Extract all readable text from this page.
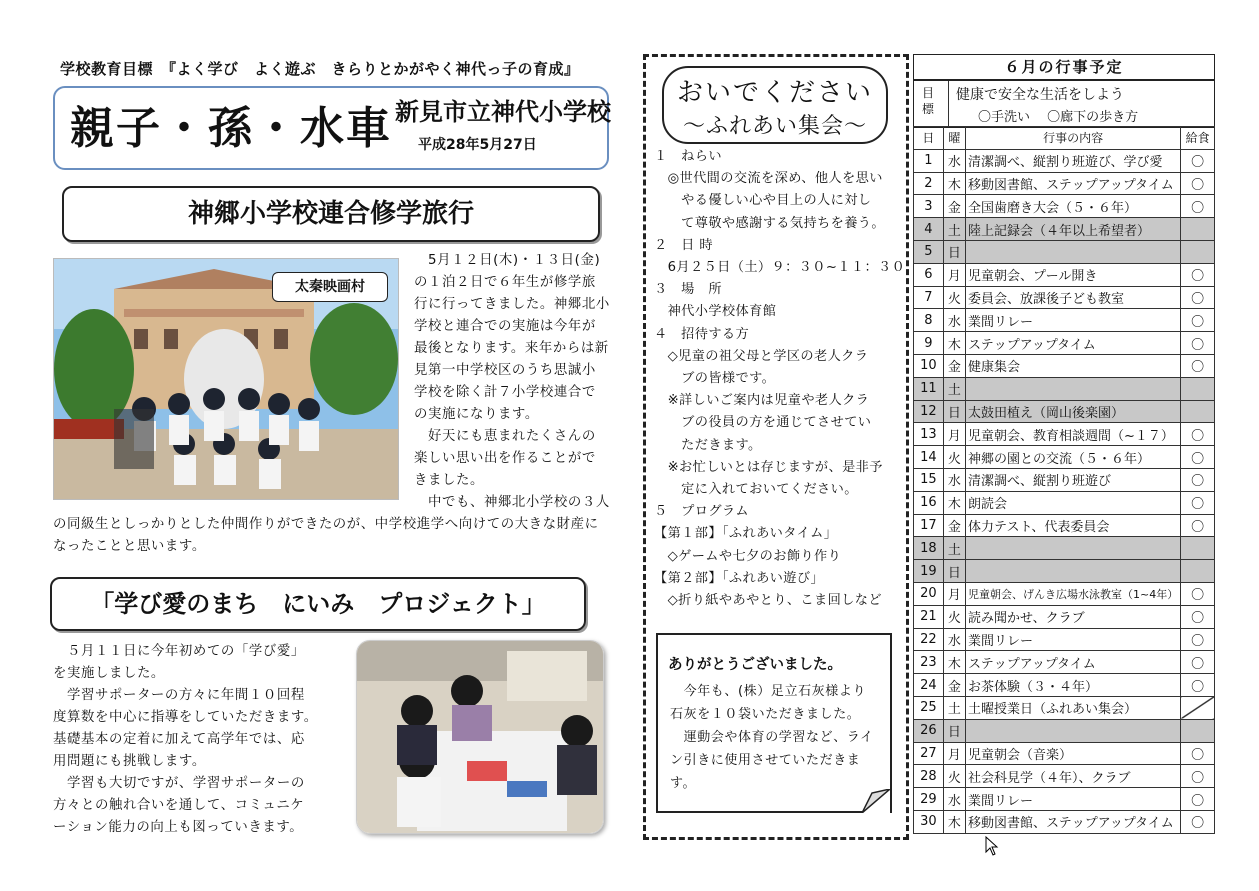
学校教育目標　『よく学び　よく遊ぶ　きらりとかがやく神代っ子の育成』
親子・孫・水車 新見市立神代小学校
平成28年5月27日
神郷小学校連合修学旅行
太秦映画村
　5月１２日(木)・１３日(金)
の１泊２日で６年生が修学旅
行に行ってきました。神郷北小
学校と連合での実施は今年が
最後となります。来年からは新
見第一中学校区のうち思誠小
学校を除く計７小学校連合で
の実施になります。
　好天にも恵まれたくさんの
楽しい思い出を作ることがで
きました。
　中でも、神郷北小学校の３人
の同級生としっかりとした仲間作りができたのが、中学校進学へ向けての大きな財産に
なったことと思います。
「学び愛のまち　にいみ　プロジェクト」
　５月１１日に今年初めての「学び愛」
を実施しました。
　学習サポーターの方々に年間１０回程
度算数を中心に指導をしていただきます。
基礎基本の定着に加えて高学年では、応
用問題にも挑戦します。
　学習も大切ですが、学習サポーターの
方々との触れ合いを通して、コミュニケ
ーション能力の向上も図っていきます。
おいでください
～ふれあい集会～
１　ねらい
　◎世代間の交流を深め、他人を思い
　　やる優しい心や目上の人に対し
　　て尊敬や感謝する気持ちを養う。
２　日 時
　6月２５日（土）９：３０~１１：３０
３　場　所
　神代小学校体育館
４　招待する方
　◇児童の祖父母と学区の老人クラ
　　ブの皆様です。
　※詳しいご案内は児童や老人クラ
　　ブの役員の方を通じてさせてい
　　ただきます。
　※お忙しいとは存じますが、是非予
　　定に入れておいてください。
５　プログラム
【第１部】「ふれあいタイム」
　◇ゲームや七夕のお飾り作り
【第２部】「ふれあい遊び」
　◇折り紙やあやとり、こま回しなど
ありがとうございました。
　今年も、(株）足立石灰様より
石灰を１０袋いただきました。
　運動会や体育の学習など、ライ
ン引きに使用させていただきま
す。
６月の行事予定
目標
健康で安全な生活をしよう
〇手洗い　 〇廊下の歩き方
日	曜	行事の内容	給食
1	水	清潔調べ、縦割り班遊び、学び愛	〇
2	木	移動図書館、ステップアップタイム	〇
3	金	全国歯磨き大会（５・６年）	〇
4	土	陸上記録会（４年以上希望者）	
5	日		
6	月	児童朝会、プール開き	〇
7	火	委員会、放課後子ども教室	〇
8	水	業間リレー	〇
9	木	ステップアップタイム	〇
10	金	健康集会	〇
11	土		
12	日	太鼓田植え（岡山後楽園）	
13	月	児童朝会、教育相談週間（~１７）	〇
14	火	神郷の園との交流（５・６年）	〇
15	水	清潔調べ、縦割り班遊び	〇
16	木	朗読会	〇
17	金	体力テスト、代表委員会	〇
18	土		
19	日		
20	月	児童朝会、げんき広場水泳教室（1~4年）	〇
21	火	読み聞かせ、クラブ	〇
22	水	業間リレー	〇
23	木	ステップアップタイム	〇
24	金	お茶体験（３・４年）	〇
25	土	土曜授業日（ふれあい集会）	
26	日		
27	月	児童朝会（音楽）	〇
28	火	社会科見学（４年）、クラブ	〇
29	水	業間リレー	〇
30	木	移動図書館、ステップアップタイム	〇
